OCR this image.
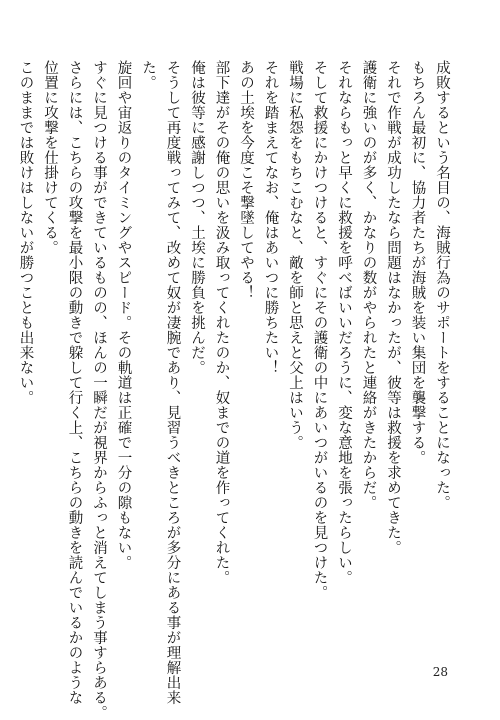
成敗するという名目の、海賊行為のサポートをすることになった。
もちろん最初に、協力者たちが海賊を装い集団を襲撃する。
それで作戦が成功したなら問題はなかったが、彼等は救援を求めてきた。
護衛に強いのが多く、かなりの数がやられたと連絡がきたからだ。
それならもっと早くに救援を呼べばいいだろうに、変な意地を張ったらしい。
そして救援にかけつけると、すぐにその護衛の中にあいつがいるのを見つけた。
戦場に私怨をもちこむなと、敵を師と思えと父上はいう。
それを踏まえてなお、俺はあいつに勝ちたい！
あの土埃を今度こそ撃墜してやる！
部下達がその俺の思いを汲み取ってくれたのか、奴までの道を作ってくれた。
俺は彼等に感謝しつつ、土埃に勝負を挑んだ。
そうして再度戦ってみて、改めて奴が凄腕であり、見習うべきところが多分にある事が理解出来
た。
旋回や宙返りのタイミングやスピード。その軌道は正確で一分の隙もない。
すぐに見つける事ができているものの、ほんの一瞬だが視界からふっと消えてしまう事すらある。
さらには、こちらの攻撃を最小限の動きで躱して行く上、こちらの動きを読んでいるかのような
位置に攻撃を仕掛けてくる。
このままでは敗けはしないが勝つことも出来ない。
28
